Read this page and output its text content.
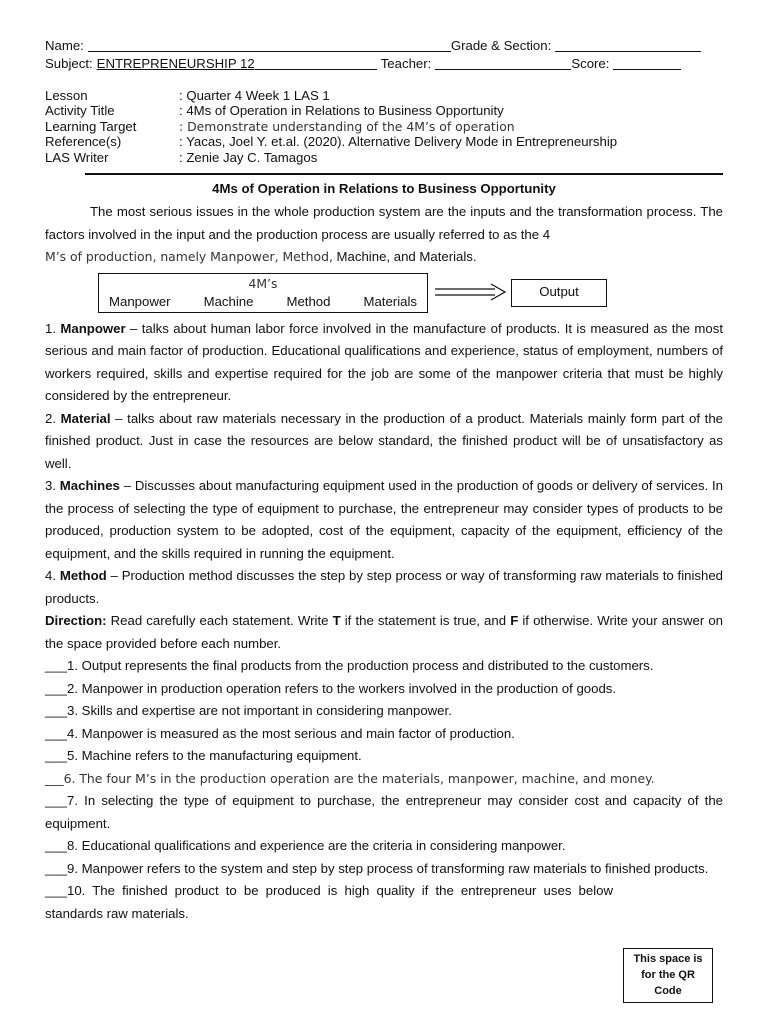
Name:	Grade & Section:
Subject: ENTREPRENEURSHIP 12	Teacher:	Score:
Lesson	: Quarter 4 Week 1 LAS 1
Activity Title	: 4Ms of Operation in Relations to Business Opportunity
Learning Target	: Demonstrate understanding of the 4M’s of operation
Reference(s)	: Yacas, Joel Y. et.al. (2020). Alternative Delivery Mode in Entrepreneurship
LAS Writer	: Zenie Jay C. Tamagos
4Ms of Operation in Relations to Business Opportunity
The most serious issues in the whole production system are the inputs and the transformation process. The factors involved in the input and the production process are usually referred to as the 4
M’s of production, namely Manpower, Method, Machine, and Materials.
4M’s
Manpower	Machine	Method	Materials
Output
1. Manpower – talks about human labor force involved in the manufacture of products. It is measured as the most serious and main factor of production. Educational qualifications and experience, status of employment, numbers of workers required, skills and expertise required for the job are some of the manpower criteria that must be highly considered by the entrepreneur.
2. Material – talks about raw materials necessary in the production of a product. Materials mainly form part of the finished product. Just in case the resources are below standard, the finished product will be of unsatisfactory as well.
3. Machines – Discusses about manufacturing equipment used in the production of goods or delivery of services. In the process of selecting the type of equipment to purchase, the entrepreneur may consider types of products to be produced, production system to be adopted, cost of the equipment, capacity of the equipment, efficiency of the equipment, and the skills required in running the equipment.
4. Method – Production method discusses the step by step process or way of transforming raw materials to finished products.
Direction: Read carefully each statement. Write T if the statement is true, and F if otherwise. Write your answer on the space provided before each number.
___1. Output represents the final products from the production process and distributed to the customers.
___2. Manpower in production operation refers to the workers involved in the production of goods.
___3. Skills and expertise are not important in considering manpower.
___4. Manpower is measured as the most serious and main factor of production.
___5. Machine refers to the manufacturing equipment.
___6. The four M’s in the production operation are the materials, manpower, machine, and money.
___7. In selecting the type of equipment to purchase, the entrepreneur may consider cost and capacity of the equipment.
___8. Educational qualifications and experience are the criteria in considering manpower.
___9. Manpower refers to the system and step by step process of transforming raw materials to finished products.
___10. The finished product to be produced is high quality if the entrepreneur uses below standards raw materials.
This space is
for the QR
Code
